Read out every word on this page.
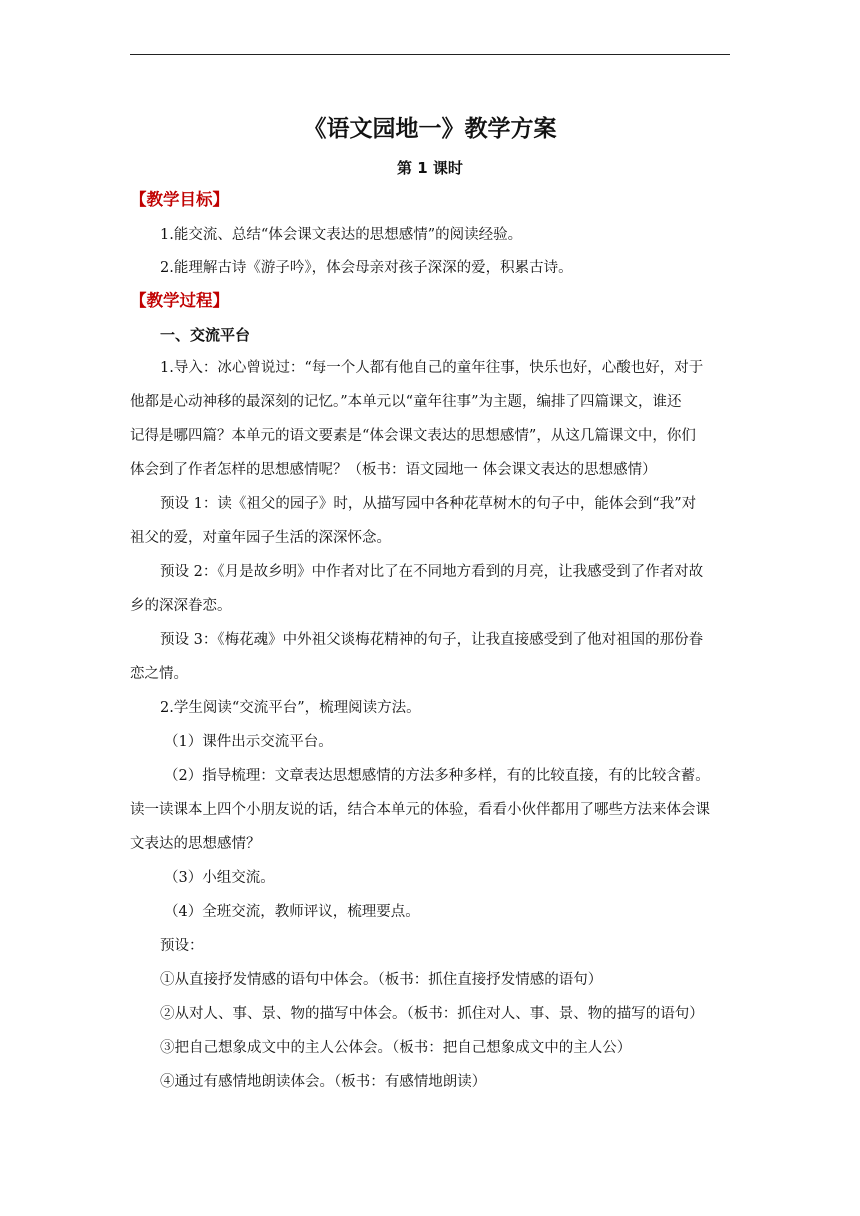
《语文园地一》教学方案
第 1 课时
【教学目标】
1.能交流、总结“体会课文表达的思想感情”的阅读经验。
2.能理解古诗《游子吟》，体会母亲对孩子深深的爱，积累古诗。
【教学过程】
一、交流平台
1.导入：冰心曾说过：“每一个人都有他自己的童年往事，快乐也好，心酸也好，对于
他都是心动神移的最深刻的记忆。”本单元以“童年往事”为主题，编排了四篇课文，谁还
记得是哪四篇？本单元的语文要素是“体会课文表达的思想感情”，从这几篇课文中，你们
体会到了作者怎样的思想感情呢？（板书：语文园地一 体会课文表达的思想感情）
预设 1：读《祖父的园子》时，从描写园中各种花草树木的句子中，能体会到“我”对
祖父的爱，对童年园子生活的深深怀念。
预设 2：《月是故乡明》中作者对比了在不同地方看到的月亮，让我感受到了作者对故
乡的深深眷恋。
预设 3：《梅花魂》中外祖父谈梅花精神的句子，让我直接感受到了他对祖国的那份眷
恋之情。
2.学生阅读“交流平台”，梳理阅读方法。
（1）课件出示交流平台。
（2）指导梳理：文章表达思想感情的方法多种多样，有的比较直接，有的比较含蓄。
读一读课本上四个小朋友说的话，结合本单元的体验，看看小伙伴都用了哪些方法来体会课
文表达的思想感情？
（3）小组交流。
（4）全班交流，教师评议，梳理要点。
预设：
①从直接抒发情感的语句中体会。（板书：抓住直接抒发情感的语句）
②从对人、事、景、物的描写中体会。（板书：抓住对人、事、景、物的描写的语句）
③把自己想象成文中的主人公体会。（板书：把自己想象成文中的主人公）
④通过有感情地朗读体会。（板书：有感情地朗读）
